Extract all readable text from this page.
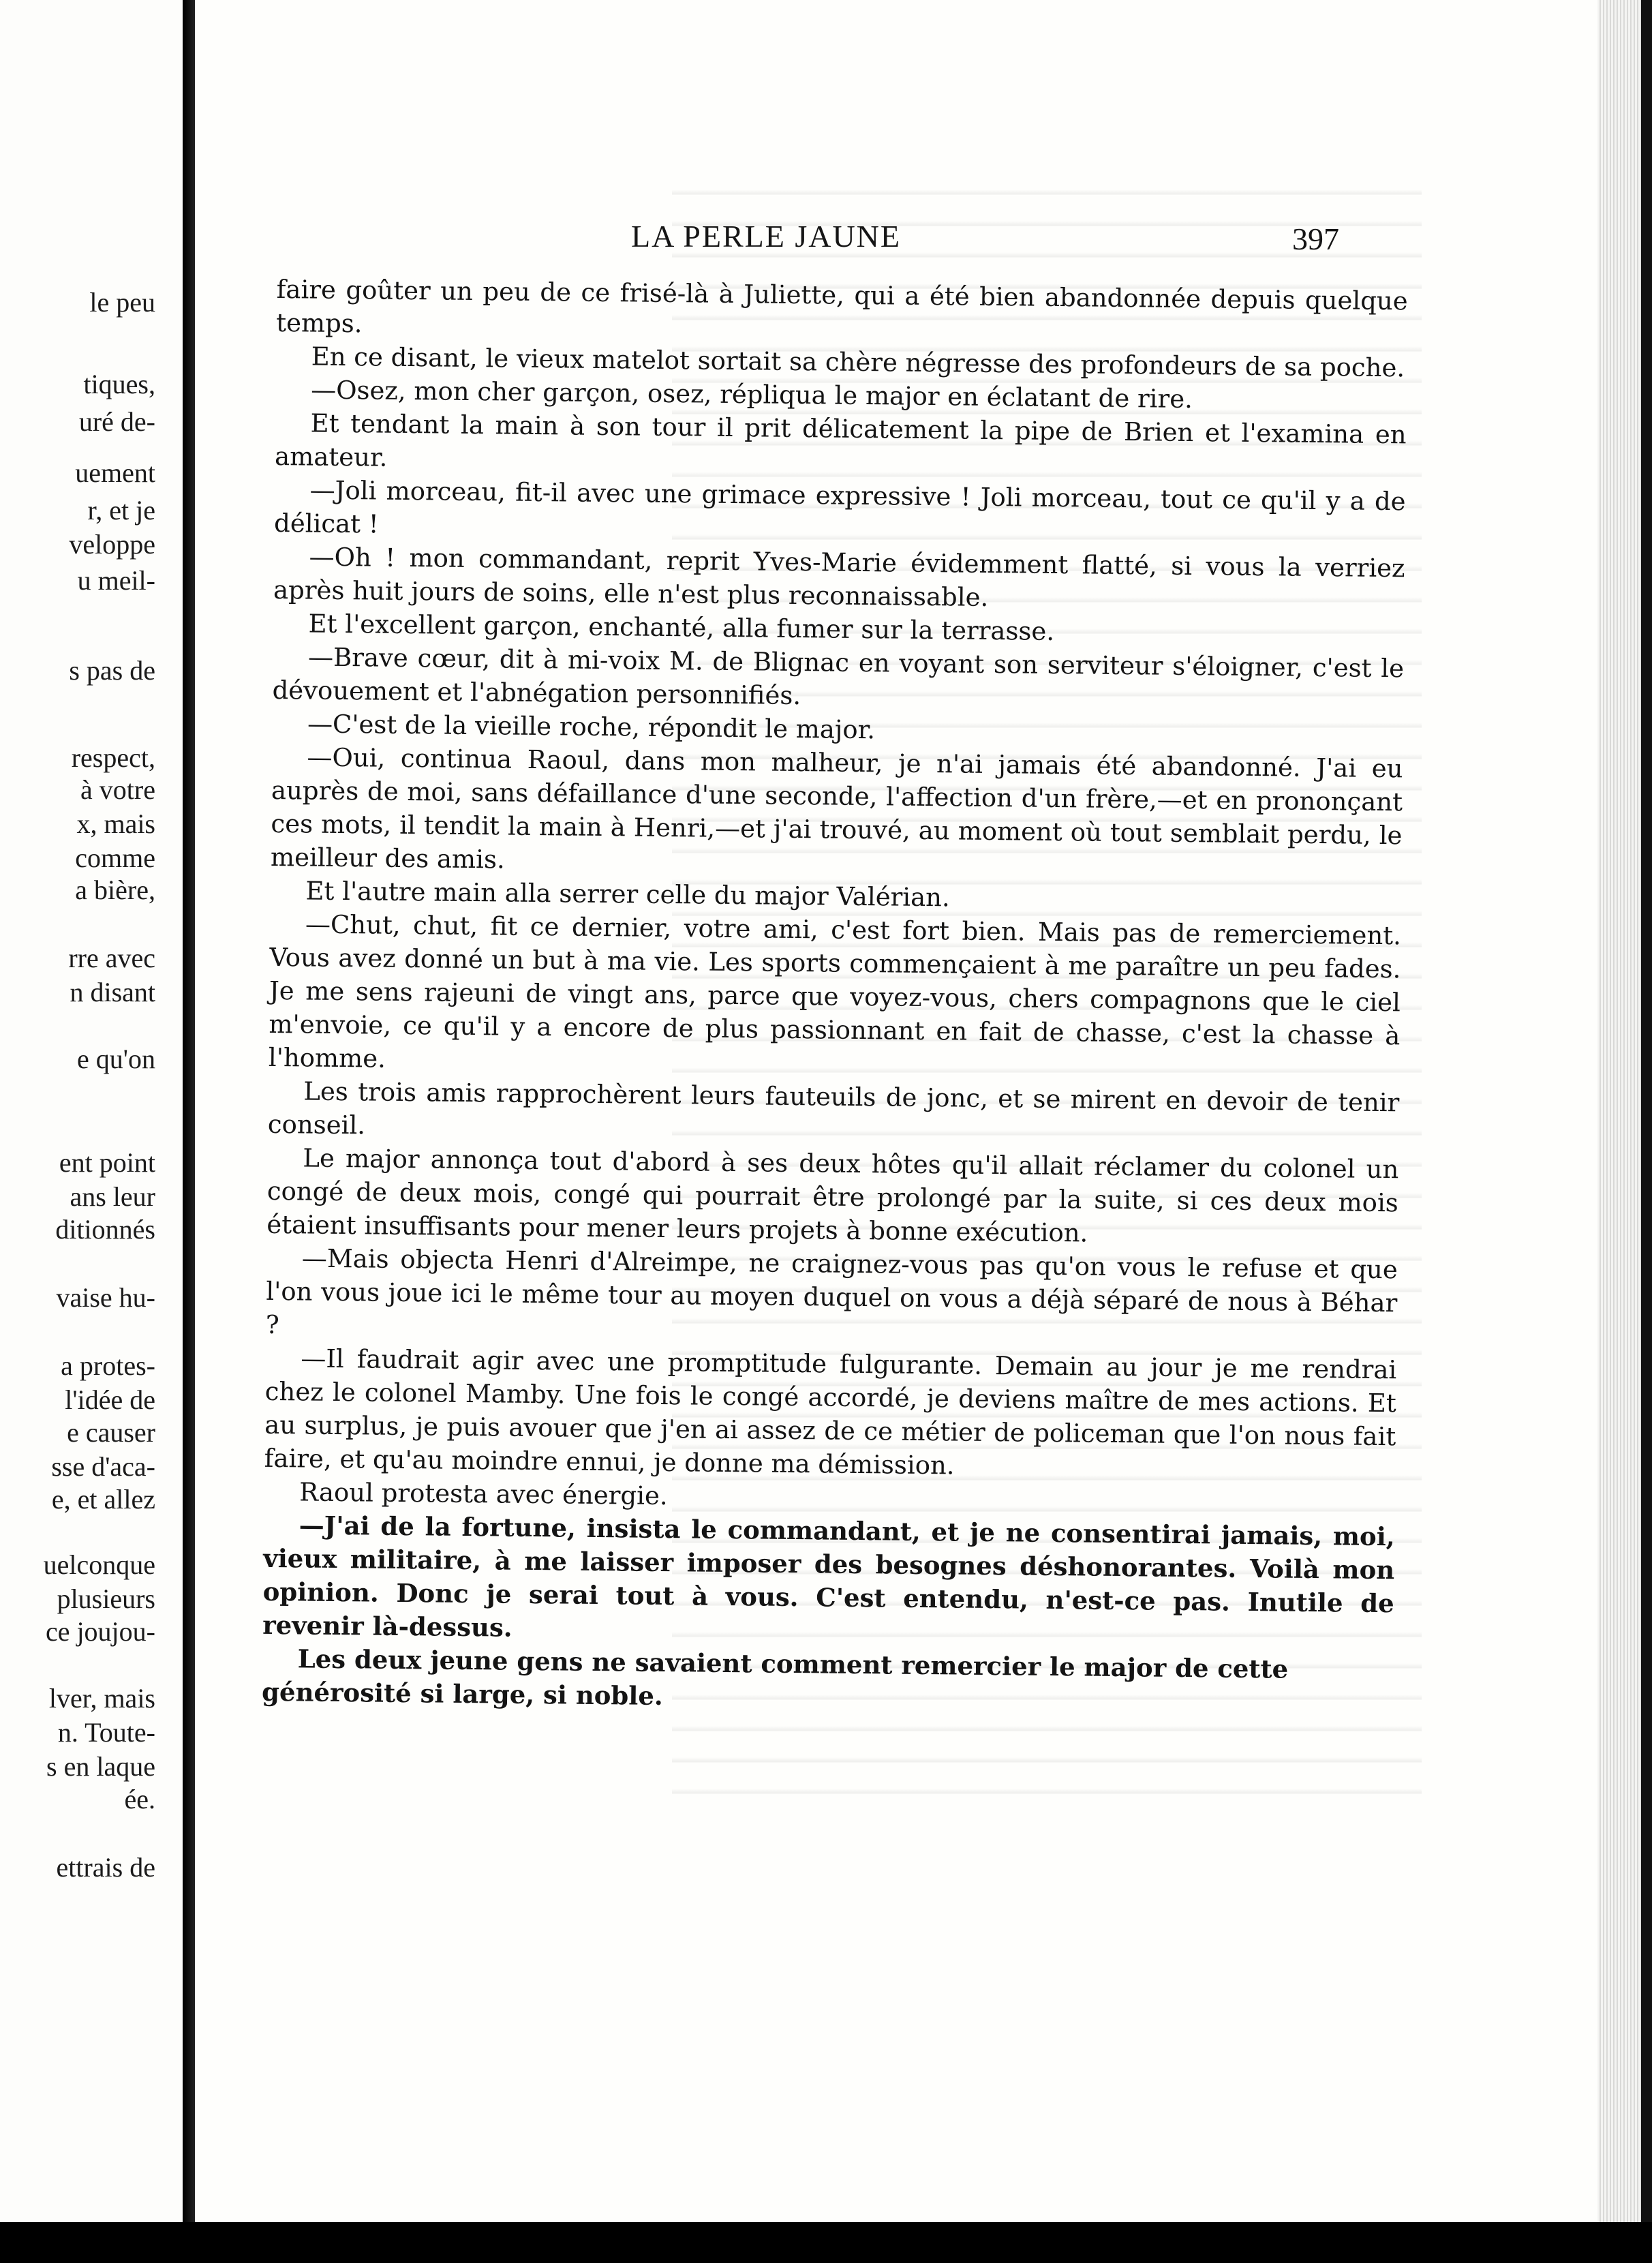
le peu
tiques,
uré de-
uement
r, et je
veloppe
u meil-
s pas de
respect,
à votre
x, mais
comme
a bière,
rre avec
n disant
e qu'on
ent point
ans leur
ditionnés
vaise hu-
a protes-
l'idée de
e causer
sse d'aca-
e, et allez
uelconque
plusieurs
ce joujou-
lver, mais
n. Toute-
s en laque
ée.
ettrais de
LA PERLE JAUNE	397

faire goûter un peu de ce frisé-là à Juliette, qui a été bien abandonnée depuis quelque temps.

En ce disant, le vieux matelot sortait sa chère négresse des profondeurs de sa poche.

—Osez, mon cher garçon, osez, répliqua le major en éclatant de rire.

Et tendant la main à son tour il prit délicatement la pipe de Brien et l'examina en amateur.

—Joli morceau, fit-il avec une grimace expressive ! Joli morceau, tout ce qu'il y a de délicat !

—Oh ! mon commandant, reprit Yves-Marie évidemment flatté, si vous la verriez après huit jours de soins, elle n'est plus reconnaissable.

Et l'excellent garçon, enchanté, alla fumer sur la terrasse.

—Brave cœur, dit à mi-voix M. de Blignac en voyant son serviteur s'éloigner, c'est le dévouement et l'abnégation personnifiés.

—C'est de la vieille roche, répondit le major.

—Oui, continua Raoul, dans mon malheur, je n'ai jamais été abandonné. J'ai eu auprès de moi, sans défaillance d'une seconde, l'affection d'un frère,—et en prononçant ces mots, il tendit la main à Henri,—et j'ai trouvé, au moment où tout semblait perdu, le meilleur des amis.

Et l'autre main alla serrer celle du major Valérian.

—Chut, chut, fit ce dernier, votre ami, c'est fort bien. Mais pas de remerciement. Vous avez donné un but à ma vie. Les sports commençaient à me paraître un peu fades. Je me sens rajeuni de vingt ans, parce que voyez-vous, chers compagnons que le ciel m'envoie, ce qu'il y a encore de plus passionnant en fait de chasse, c'est la chasse à l'homme.

Les trois amis rapprochèrent leurs fauteuils de jonc, et se mirent en devoir de tenir conseil.

Le major annonça tout d'abord à ses deux hôtes qu'il allait réclamer du colonel un congé de deux mois, congé qui pourrait être prolongé par la suite, si ces deux mois étaient insuffisants pour mener leurs projets à bonne exécution.

—Mais objecta Henri d'Alreimpe, ne craignez-vous pas qu'on vous le refuse et que l'on vous joue ici le même tour au moyen duquel on vous a déjà séparé de nous à Béhar ?

—Il faudrait agir avec une promptitude fulgurante. Demain au jour je me rendrai chez le colonel Mamby. Une fois le congé accordé, je deviens maître de mes actions. Et au surplus, je puis avouer que j'en ai assez de ce métier de policeman que l'on nous fait faire, et qu'au moindre ennui, je donne ma démission.

Raoul protesta avec énergie.

—J'ai de la fortune, insista le commandant, et je ne consentirai jamais, moi, vieux militaire, à me laisser imposer des besognes déshonorantes. Voilà mon opinion. Donc je serai tout à vous. C'est entendu, n'est-ce pas. Inutile de revenir là-dessus.

Les deux jeune gens ne savaient comment remercier le major de cette générosité si large, si noble.
